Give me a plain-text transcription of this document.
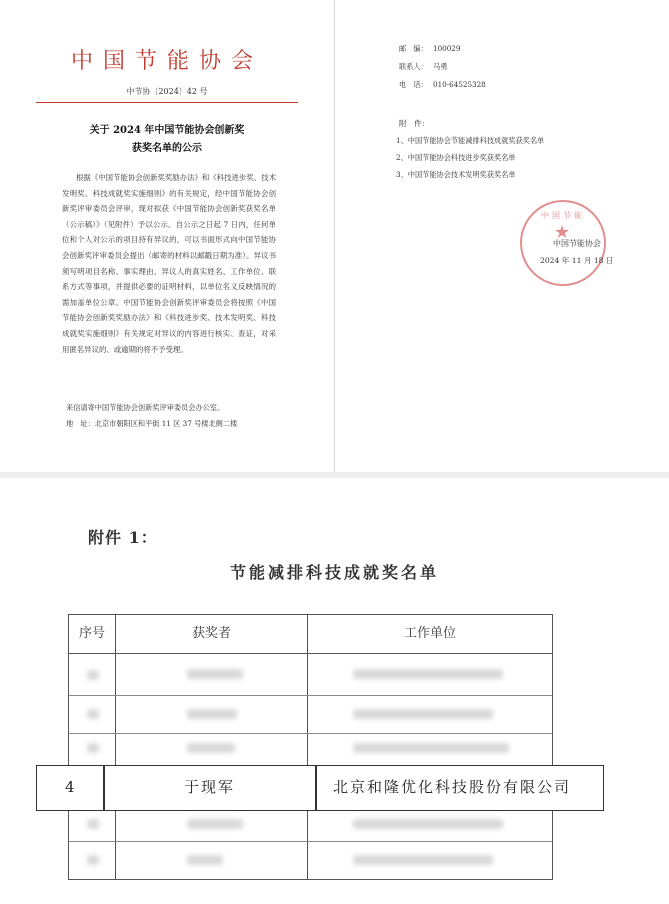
中国节能协会
中节协〔2024〕42 号
关于 2024 年中国节能协会创新奖
获奖名单的公示
根据《中国节能协会创新奖奖励办法》和《科技进步奖、技术发明奖、科技成就奖实施细则》的有关规定，经中国节能协会创新奖评审委员会评审，现对拟获《中国节能协会创新奖获奖名单（公示稿）》（见附件）予以公示。自公示之日起 7 日内，任何单位和个人对公示的项目持有异议的，可以书面形式向中国节能协会创新奖评审委员会提出（邮寄的材料以邮戳日期为准）。异议书须写明项目名称、事实理由、异议人的真实姓名、工作单位、联系方式等事项，并提供必要的证明材料，以单位名义反映情况的需加盖单位公章。中国节能协会创新奖评审委员会将按照《中国节能协会创新奖奖励办法》和《科技进步奖、技术发明奖、科技成就奖实施细则》有关规定对异议的内容进行核实、查证，对采用匿名异议的、或逾期的将不予受理。
来信请寄中国节能协会创新奖评审委员会办公室。
地　址：北京市朝阳区和平街 11 区 37 号楼北侧二楼
邮　编： 100029
联系人： 马勇
电　话： 010-64525328
附　件：
1、中国节能协会节能减排科技成就奖获奖名单
2、中国节能协会科技进步奖获奖名单
3、中国节能协会技术发明奖获奖名单
中国节能
★
中国节能协会
2024 年 11 月 18 日
附件 1：
节能减排科技成就奖名单
序号	获奖者	工作单位
4	于现军	北京和隆优化科技股份有限公司
